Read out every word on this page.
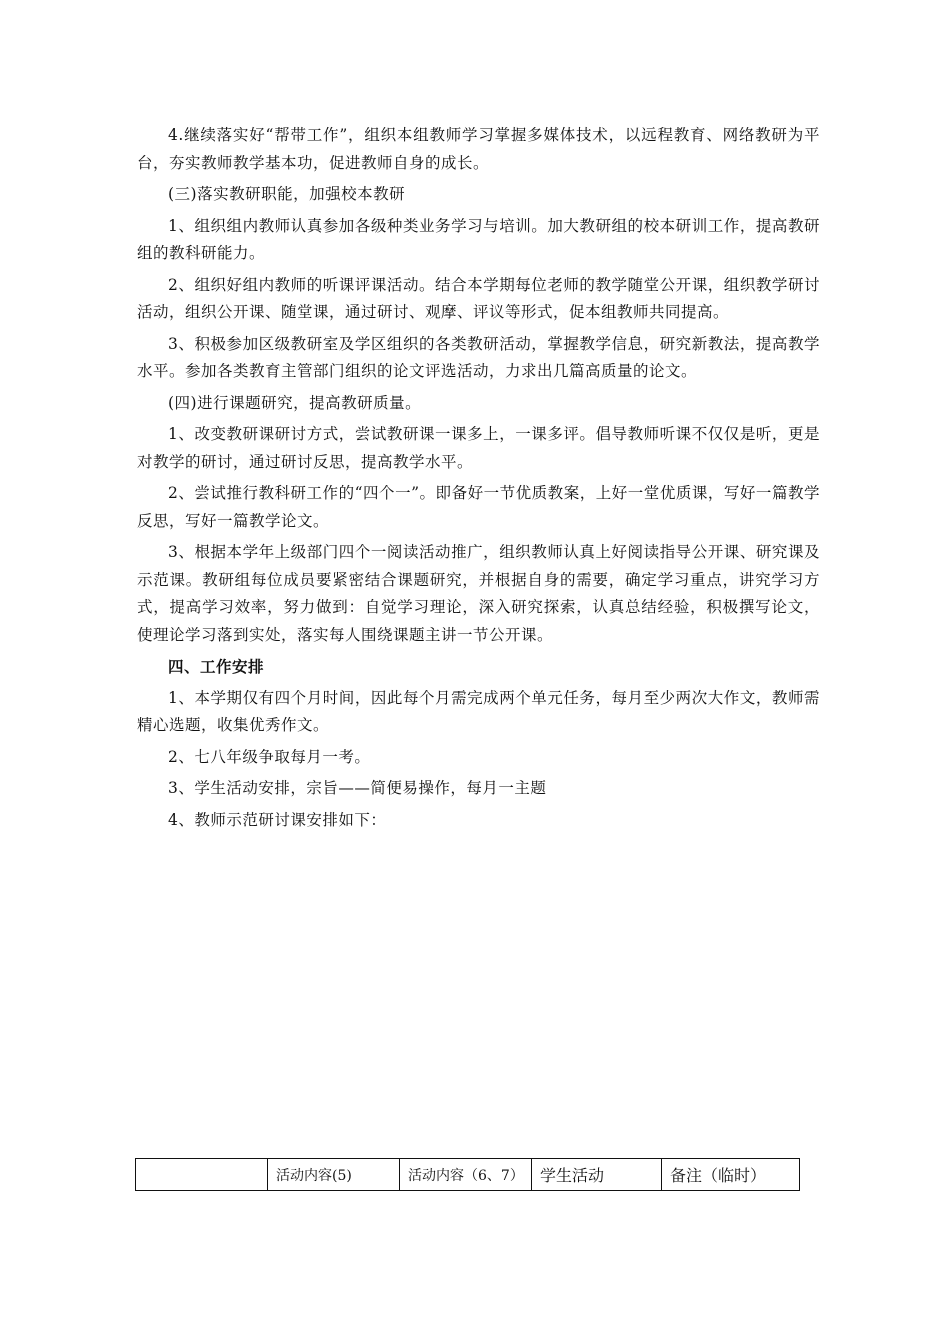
4.继续落实好“帮带工作”，组织本组教师学习掌握多媒体技术，以远程教育、网络教研为平台，夯实教师教学基本功，促进教师自身的成长。

(三)落实教研职能，加强校本教研

1、组织组内教师认真参加各级种类业务学习与培训。加大教研组的校本研训工作，提高教研组的教科研能力。

2、组织好组内教师的听课评课活动。结合本学期每位老师的教学随堂公开课，组织教学研讨活动，组织公开课、随堂课，通过研讨、观摩、评议等形式，促本组教师共同提高。

3、积极参加区级教研室及学区组织的各类教研活动，掌握教学信息，研究新教法，提高教学水平。参加各类教育主管部门组织的论文评选活动，力求出几篇高质量的论文。

(四)进行课题研究，提高教研质量。

1、改变教研课研讨方式，尝试教研课一课多上，一课多评。倡导教师听课不仅仅是听，更是对教学的研讨，通过研讨反思，提高教学水平。

2、尝试推行教科研工作的“四个一”。即备好一节优质教案，上好一堂优质课，写好一篇教学反思，写好一篇教学论文。

3、根据本学年上级部门四个一阅读活动推广，组织教师认真上好阅读指导公开课、研究课及示范课。教研组每位成员要紧密结合课题研究，并根据自身的需要，确定学习重点，讲究学习方式，提高学习效率，努力做到：自觉学习理论，深入研究探索，认真总结经验，积极撰写论文，使理论学习落到实处，落实每人围绕课题主讲一节公开课。

四、工作安排

1、本学期仅有四个月时间，因此每个月需完成两个单元任务，每月至少两次大作文，教师需精心选题，收集优秀作文。

2、七八年级争取每月一考。

3、学生活动安排，宗旨——简便易操作，每月一主题

4、教师示范研讨课安排如下：

	活动内容(5)	活动内容（6、7）	学生活动	备注（临时）
